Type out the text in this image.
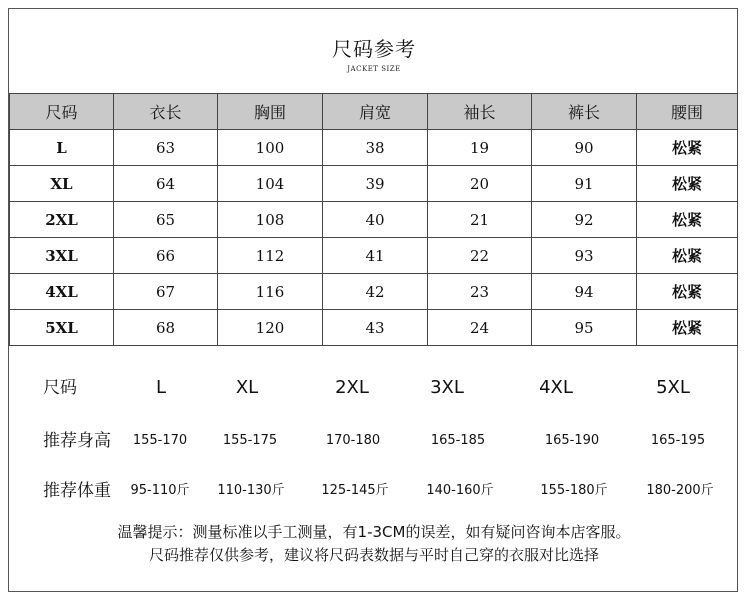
尺码参考
JACKET SIZE
尺码	衣长	胸围	肩宽	袖长	裤长	腰围
L	63	100	38	19	90	松紧
XL	64	104	39	20	91	松紧
2XL	65	108	40	21	92	松紧
3XL	66	112	41	22	93	松紧
4XL	67	116	42	23	94	松紧
5XL	68	120	43	24	95	松紧
尺码	L	XL	2XL	3XL	4XL	5XL
推荐身高	155-170	155-175	170-180	165-185	165-190	165-195
推荐体重	95-110斤	110-130斤	125-145斤	140-160斤	155-180斤	180-200斤
温馨提示：测量标准以手工测量，有1-3CM的误差，如有疑问咨询本店客服。
尺码推荐仅供参考，建议将尺码表数据与平时自己穿的衣服对比选择
